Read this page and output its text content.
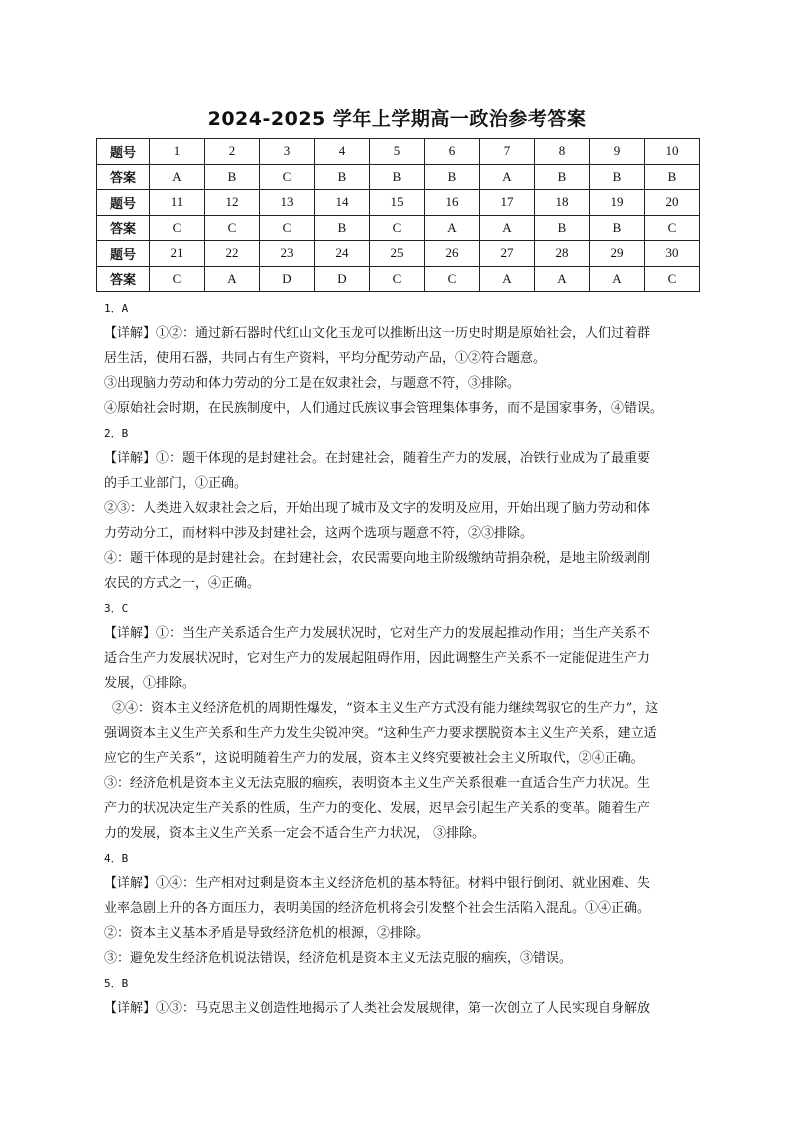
2024-2025 学年上学期高一政治参考答案
题号	1	2	3	4	5	6	7	8	9	10
答案	A	B	C	B	B	B	A	B	B	B
题号	11	12	13	14	15	16	17	18	19	20
答案	C	C	C	B	C	A	A	B	B	C
题号	21	22	23	24	25	26	27	28	29	30
答案	C	A	D	D	C	C	A	A	A	C

1．A

【详解】①②：通过新石器时代红山文化玉龙可以推断出这一历史时期是原始社会，人们过着群

居生活，使用石器，共同占有生产资料，平均分配劳动产品，①②符合题意。

③出现脑力劳动和体力劳动的分工是在奴隶社会，与题意不符，③排除。

④原始社会时期，在民族制度中，人们通过氏族议事会管理集体事务，而不是国家事务，④错误。

2．B

【详解】①：题干体现的是封建社会。在封建社会，随着生产力的发展，冶铁行业成为了最重要

的手工业部门，①正确。

②③：人类进入奴隶社会之后，开始出现了城市及文字的发明及应用，开始出现了脑力劳动和体

力劳动分工，而材料中涉及封建社会，这两个选项与题意不符，②③排除。

④：题干体现的是封建社会。在封建社会，农民需要向地主阶级缴纳苛捐杂税，是地主阶级剥削

农民的方式之一，④正确。

3．C

【详解】①：当生产关系适合生产力发展状况时，它对生产力的发展起推动作用；当生产关系不

适合生产力发展状况时，它对生产力的发展起阻碍作用，因此调整生产关系不一定能促进生产力

发展，①排除。

②④：资本主义经济危机的周期性爆发，“资本主义生产方式没有能力继续驾驭它的生产力”，这

强调资本主义生产关系和生产力发生尖锐冲突。“这种生产力要求摆脱资本主义生产关系，建立适

应它的生产关系”，这说明随着生产力的发展，资本主义终究要被社会主义所取代，②④正确。

③：经济危机是资本主义无法克服的痼疾，表明资本主义生产关系很难一直适合生产力状况。生

产力的状况决定生产关系的性质，生产力的变化、发展，迟早会引起生产关系的变革。随着生产

力的发展，资本主义生产关系一定会不适合生产力状况， ③排除。

4．B

【详解】①④：生产相对过剩是资本主义经济危机的基本特征。材料中银行倒闭、就业困难、失

业率急剧上升的各方面压力，表明美国的经济危机将会引发整个社会生活陷入混乱。①④正确。

②：资本主义基本矛盾是导致经济危机的根源，②排除。

③：避免发生经济危机说法错误，经济危机是资本主义无法克服的痼疾，③错误。

5．B

【详解】①③：马克思主义创造性地揭示了人类社会发展规律，第一次创立了人民实现自身解放
